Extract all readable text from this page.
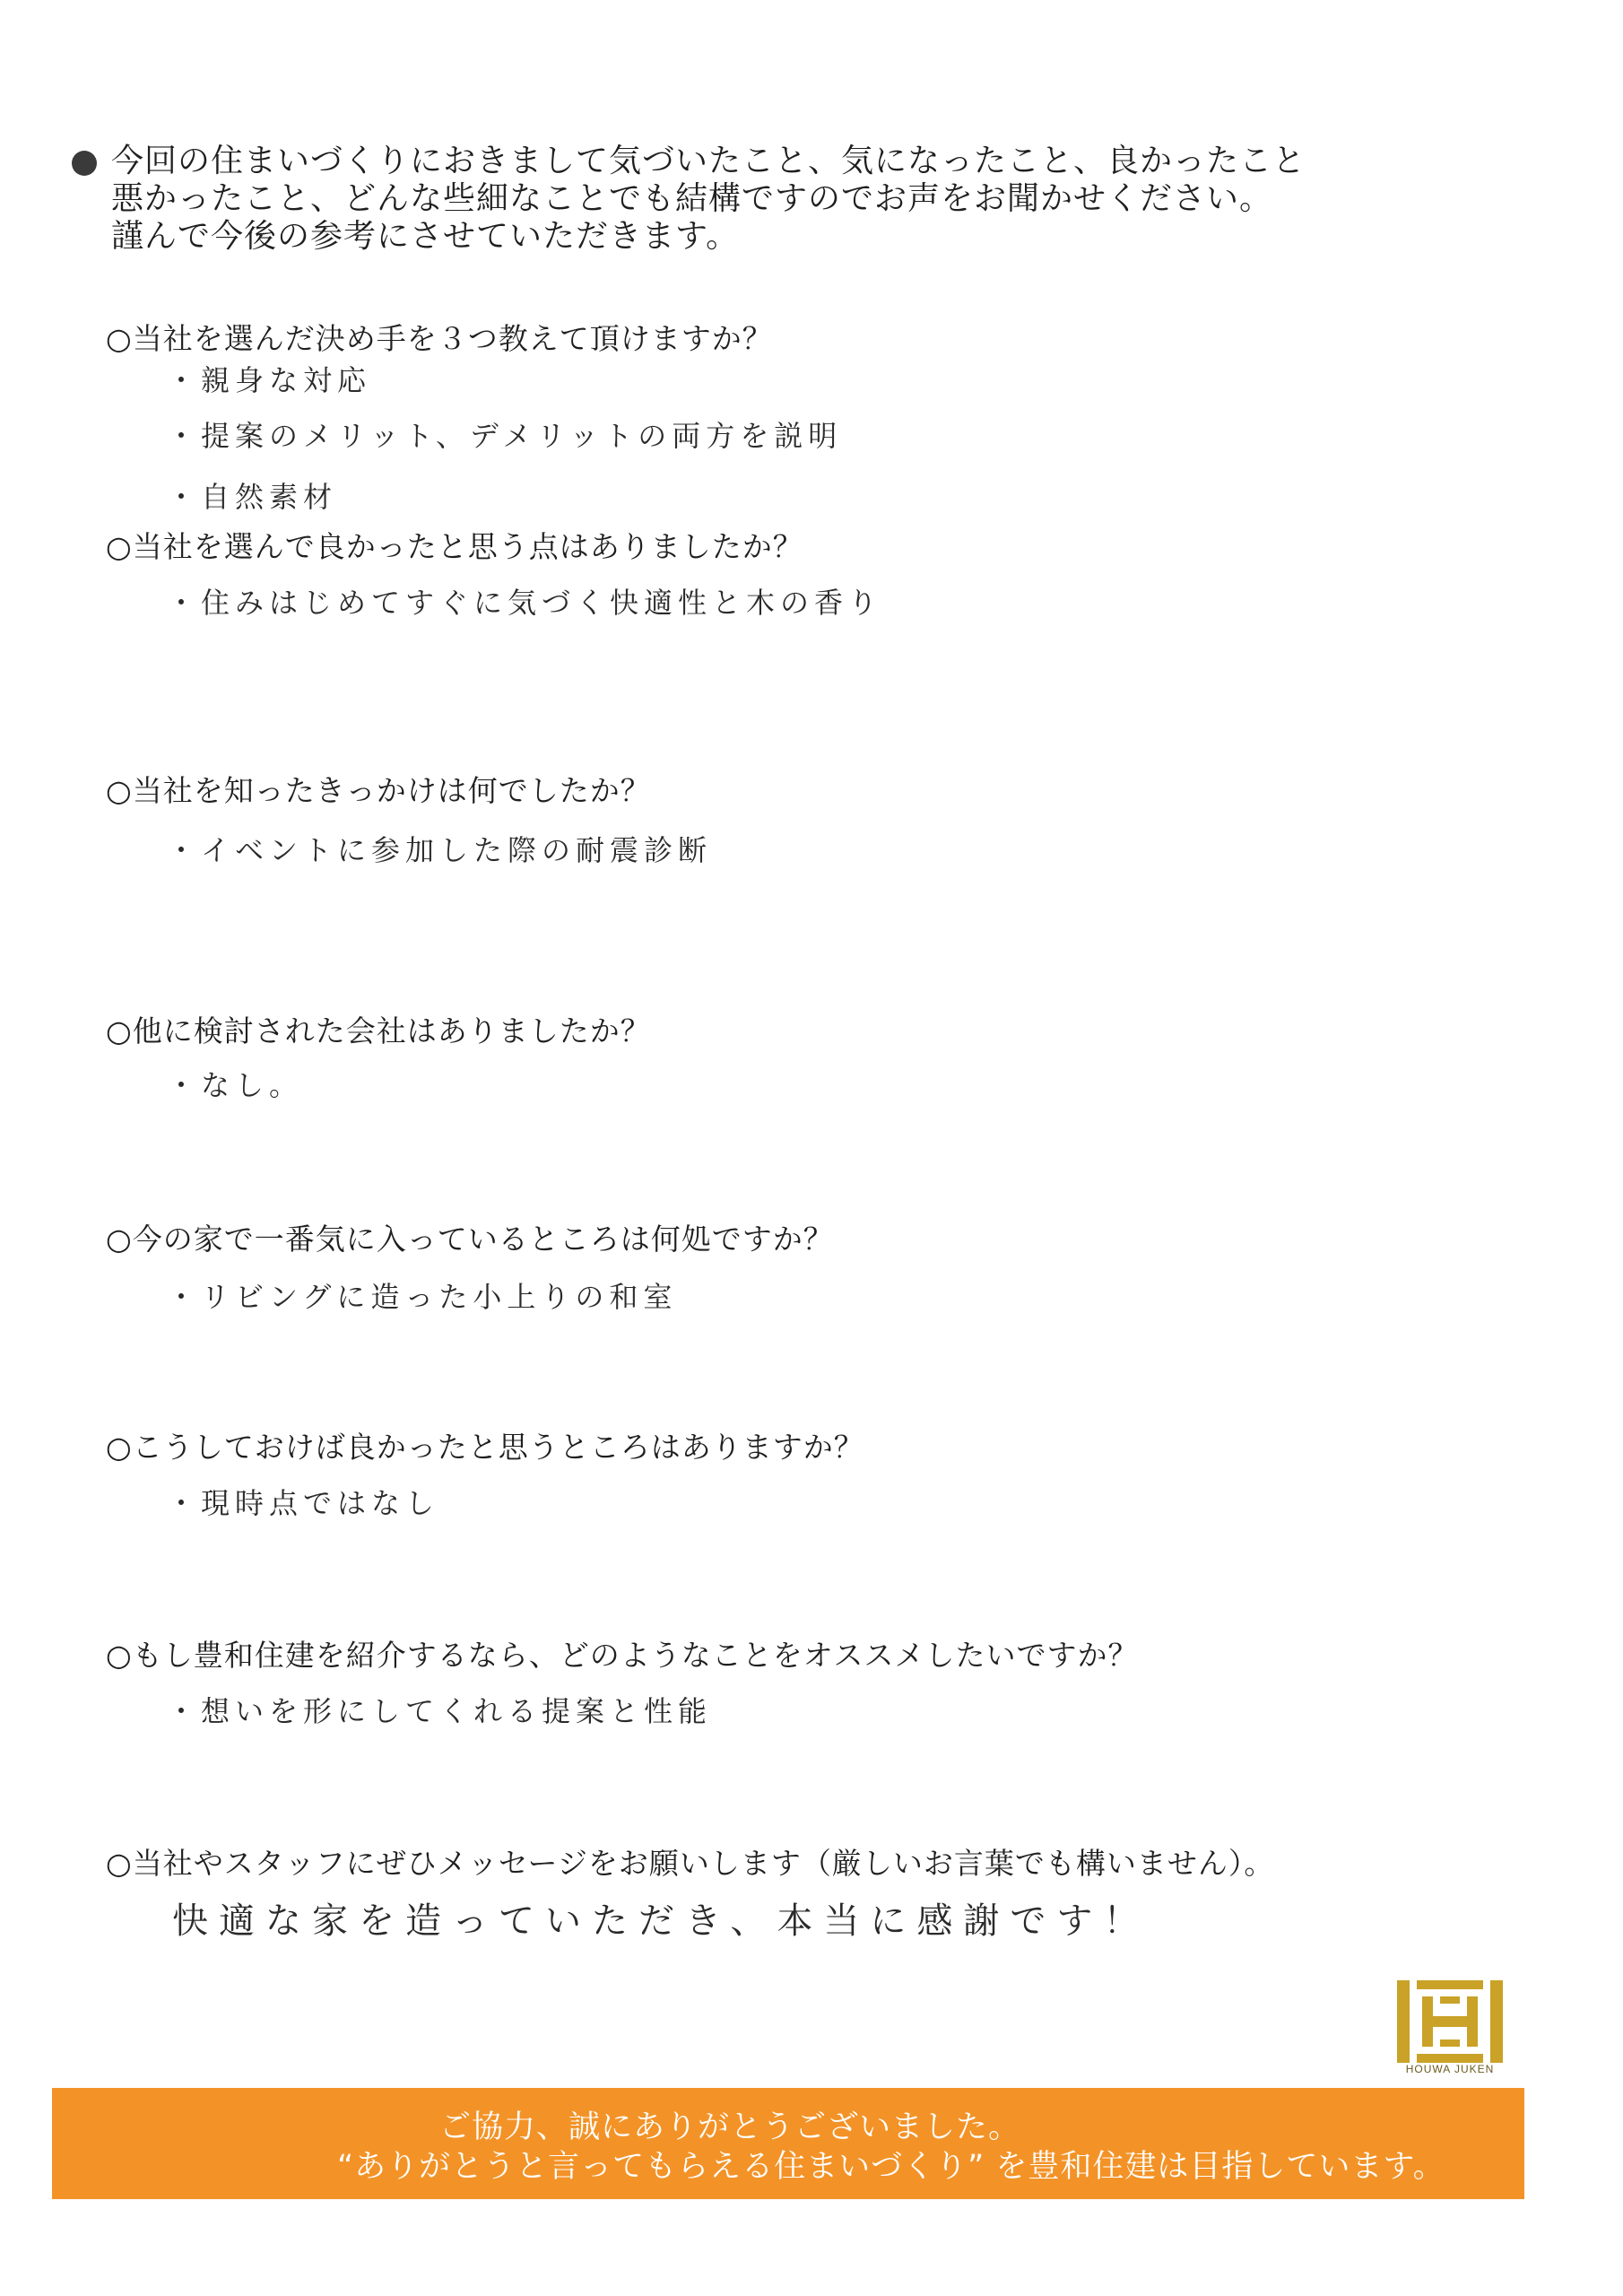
今回の住まいづくりにおきまして気づいたこと、気になったこと、良かったこと
悪かったこと、どんな些細なことでも結構ですのでお声をお聞かせください。
謹んで今後の参考にさせていただきます。
○当社を選んだ決め手を３つ教えて頂けますか？
・親身な対応
・提案のメリット、デメリットの両方を説明
・自然素材
○当社を選んで良かったと思う点はありましたか？
・住みはじめてすぐに気づく快適性と木の香り
○当社を知ったきっかけは何でしたか？
・イベントに参加した際の耐震診断
○他に検討された会社はありましたか？
・なし。
○今の家で一番気に入っているところは何処ですか？
・リビングに造った小上りの和室
○こうしておけば良かったと思うところはありますか？
・現時点ではなし
○もし豊和住建を紹介するなら、どのようなことをオススメしたいですか？
・想いを形にしてくれる提案と性能
○当社やスタッフにぜひメッセージをお願いします（厳しいお言葉でも構いません）。
快適な家を造っていただき、本当に感謝です！
HOUWA JUKEN
ご協力、誠にありがとうございました。
“ありがとうと言ってもらえる住まいづくり” を豊和住建は目指しています。
